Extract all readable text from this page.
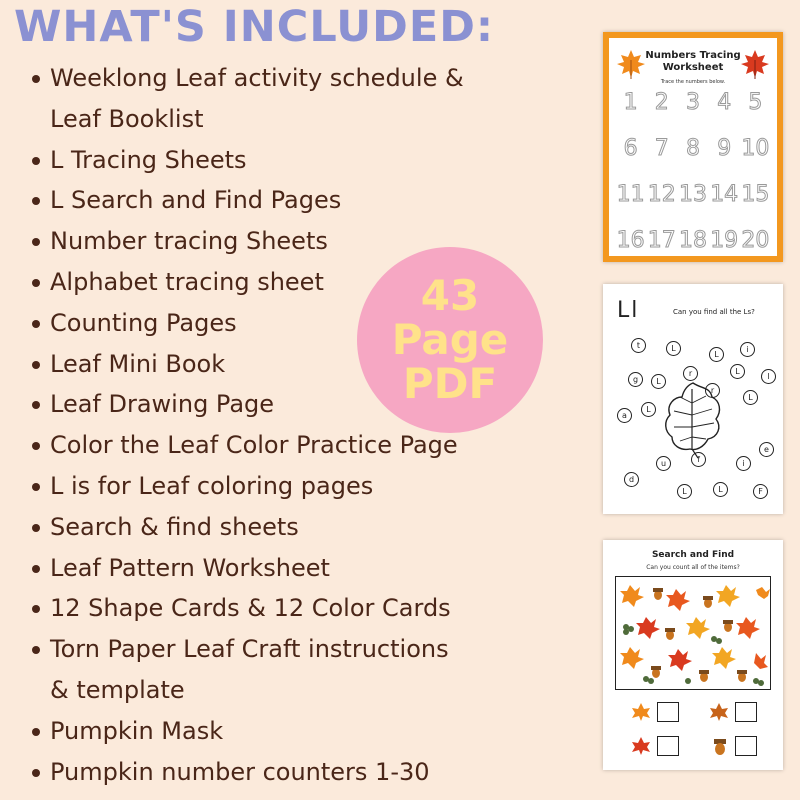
WHAT'S INCLUDED:
Weeklong Leaf activity schedule &
Leaf Booklist
L Tracing Sheets
L Search and Find Pages
Number tracing Sheets
Alphabet tracing sheet
Counting Pages
Leaf Mini Book
Leaf Drawing Page
Color the Leaf Color Practice Page
L is for Leaf coloring pages
Search & find sheets
Leaf Pattern Worksheet
12 Shape Cards & 12 Color Cards
Torn Paper Leaf Craft instructions
& template
Pumpkin Mask
Pumpkin number counters 1-30
43
Page
PDF
Numbers Tracing
Worksheet
Trace the numbers below.
1 2 3 4 5
6 7 8 9 10
11 12 13 14 15
16 17 18 19 20
Ll	Can you find all the Ls?
t	L	i
g	L
r
L
L
l
a
r
L
L
e
u	f	i
d
L	L	F
Search and Find
Can you count all of the items?
